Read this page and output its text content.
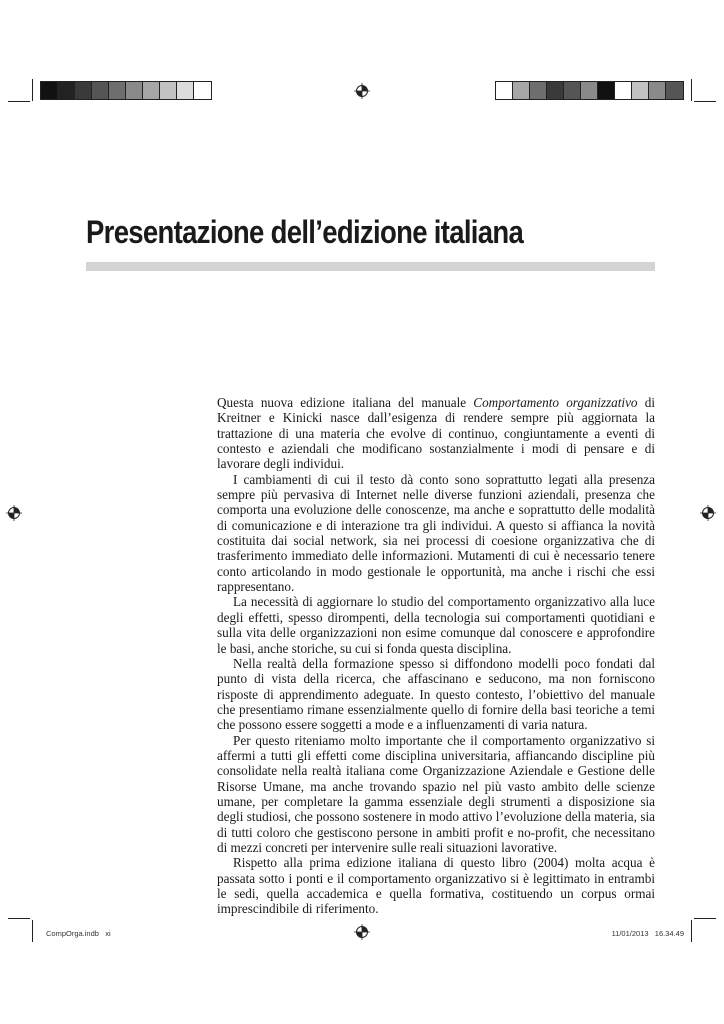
Presentazione dell’edizione italiana

Questa nuova edizione italiana del manuale Comportamento organizzativo di Kreitner e Kinicki nasce dall’esigenza di rendere sempre più aggiornata la trattazione di una materia che evolve di continuo, congiuntamente a eventi di contesto e aziendali che modificano sostanzialmente i modi di pensare e di lavorare degli individui.

I cambiamenti di cui il testo dà conto sono soprattutto legati alla presenza sempre più pervasiva di Internet nelle diverse funzioni aziendali, presenza che comporta una evoluzione delle conoscenze, ma anche e soprattutto delle modalità di comunicazione e di interazione tra gli individui. A questo si affianca la novità costituita dai social network, sia nei processi di coesione organizzativa che di trasferimento immediato delle informazioni. Mutamenti di cui è necessario tenere conto articolando in modo gestionale le opportunità, ma anche i rischi che essi rappresentano.

La necessità di aggiornare lo studio del comportamento organizzativo alla luce degli effetti, spesso dirompenti, della tecnologia sui comportamenti quotidiani e sulla vita delle organizzazioni non esime comunque dal conoscere e approfondire le basi, anche storiche, su cui si fonda questa disciplina.

Nella realtà della formazione spesso si diffondono modelli poco fondati dal punto di vista della ricerca, che affascinano e seducono, ma non forniscono risposte di apprendimento adeguate. In questo contesto, l’obiettivo del manuale che presentiamo rimane essenzialmente quello di fornire della basi teoriche a temi che possono essere soggetti a mode e a influenzamenti di varia natura.

Per questo riteniamo molto importante che il comportamento organizzativo si affermi a tutti gli effetti come disciplina universitaria, affiancando discipline più consolidate nella realtà italiana come Organizzazione Aziendale e Gestione delle Risorse Umane, ma anche trovando spazio nel più vasto ambito delle scienze umane, per completare la gamma essenziale degli strumenti a disposizione sia degli studiosi, che possono sostenere in modo attivo l’evoluzione della materia, sia di tutti coloro che gestiscono persone in ambiti profit e no-profit, che necessitano di mezzi concreti per intervenire sulle reali situazioni lavorative.

Rispetto alla prima edizione italiana di questo libro (2004) molta acqua è passata sotto i ponti e il comportamento organizzativo si è legittimato in entrambi le sedi, quella accademica e quella formativa, costituendo un corpus ormai imprescindibile di riferimento.

CompOrga.indb   xi	11/01/2013   16.34.49
